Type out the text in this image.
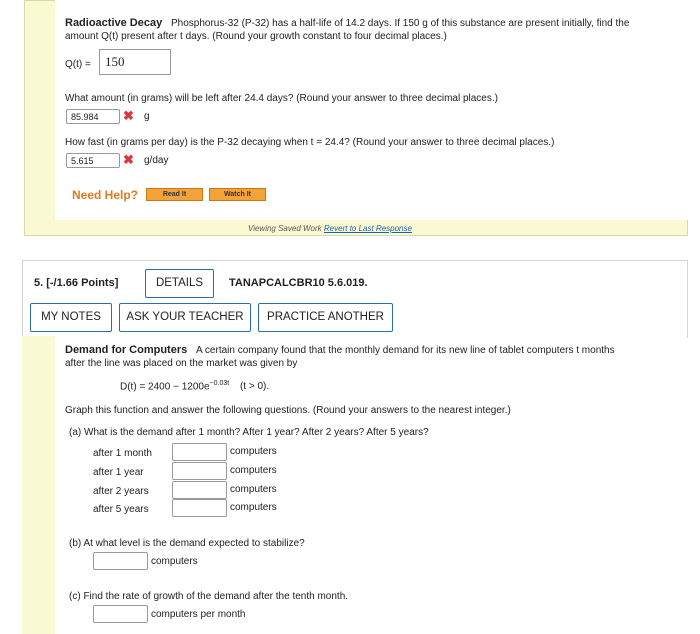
Radioactive Decay Phosphorus-32 (P-32) has a half-life of 14.2 days. If 150 g of this substance are present initially, find the
amount Q(t) present after t days. (Round your growth constant to four decimal places.)
Q(t) =	150
What amount (in grams) will be left after 24.4 days? (Round your answer to three decimal places.)
85.984	✖ g
How fast (in grams per day) is the P-32 decaying when t = 24.4? (Round your answer to three decimal places.)
5.615	✖ g/day
Need Help?	Read It	Watch It
Viewing Saved Work Revert to Last Response
5. [-/1.66 Points]	DETAILS	TANAPCALCBR10 5.6.019.
MY NOTES	ASK YOUR TEACHER	PRACTICE ANOTHER
Demand for Computers A certain company found that the monthly demand for its new line of tablet computers t months
after the line was placed on the market was given by
$D(t) = 2400 - 1200e^{-0.03t}$ (t > 0).
Graph this function and answer the following questions. (Round your answers to the nearest integer.)
(a) What is the demand after 1 month? After 1 year? After 2 years? After 5 years?
after 1 month	computers
after 1 year	computers
after 2 years	computers
after 5 years	computers
(b) At what level is the demand expected to stabilize?
computers
(c) Find the rate of growth of the demand after the tenth month.
computers per month
